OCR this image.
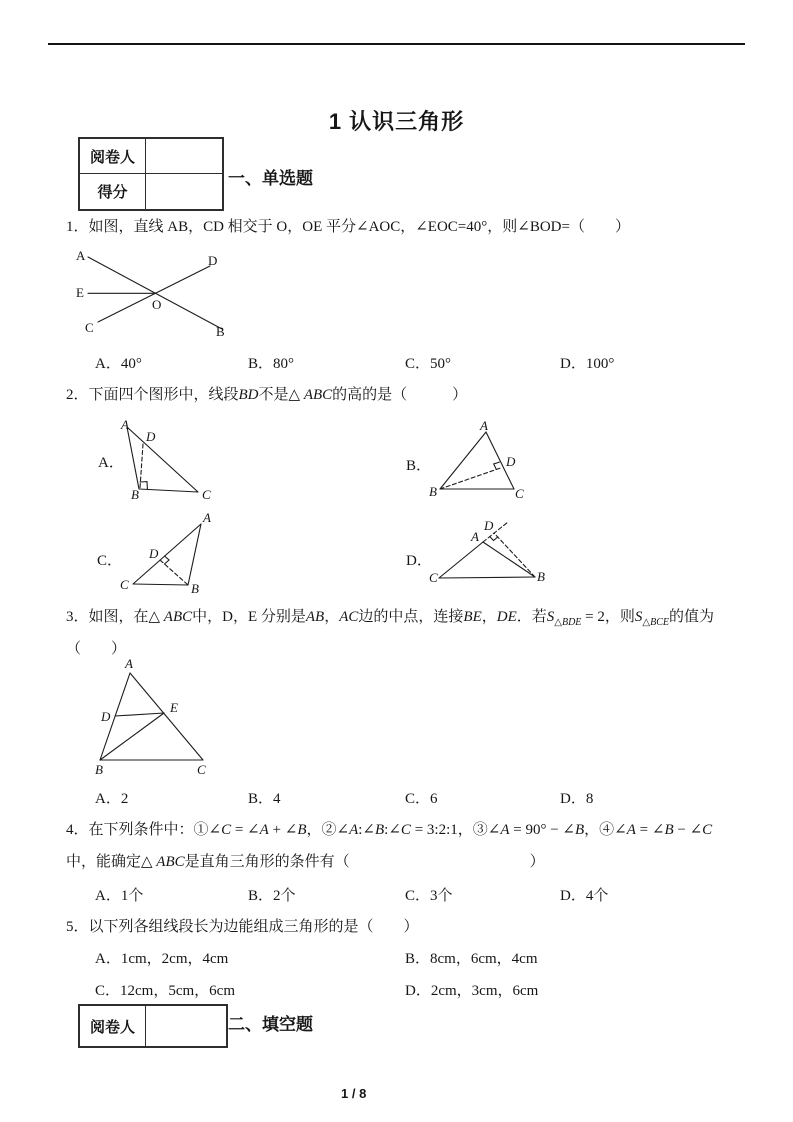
1 认识三角形
阅卷人
得分
一、单选题
1．如图，直线 AB，CD 相交于 O，OE 平分∠AOC，∠EOC=40°，则∠BOD=（　　）
A	D
E
O
C	B
A．40°	B．80°	C．50°	D．100°
2．下面四个图形中，线段BD不是△ ABC的高的是（　　　）
A．
A
D
B	C
B．
A
D
B	C
C．
A
D
C	B
D．
D
A
C	B
3．如图，在△ ABC中，D，E 分别是AB，AC边的中点，连接BE，DE．若$S_{\triangle BDE} = 2$，则$S_{\triangle BCE}$的值为
（　　）
A
D
E
B	C
A．2	B．4	C．6	D．8
4．在下列条件中：①∠C = ∠A + ∠B，②∠A:∠B:∠C = 3:2:1，③∠A = 90° − ∠B，④∠A = ∠B − ∠C
中，能确定△ ABC是直角三角形的条件有（　　　　　　　　　　　　）
A．1个	B．2个	C．3个	D．4个
5．以下列各组线段长为边能组成三角形的是（　　）
A．1cm，2cm，4cm	B．8cm，6cm，4cm
C．12cm，5cm，6cm	D．2cm，3cm，6cm
阅卷人	二、填空题
1 / 8
